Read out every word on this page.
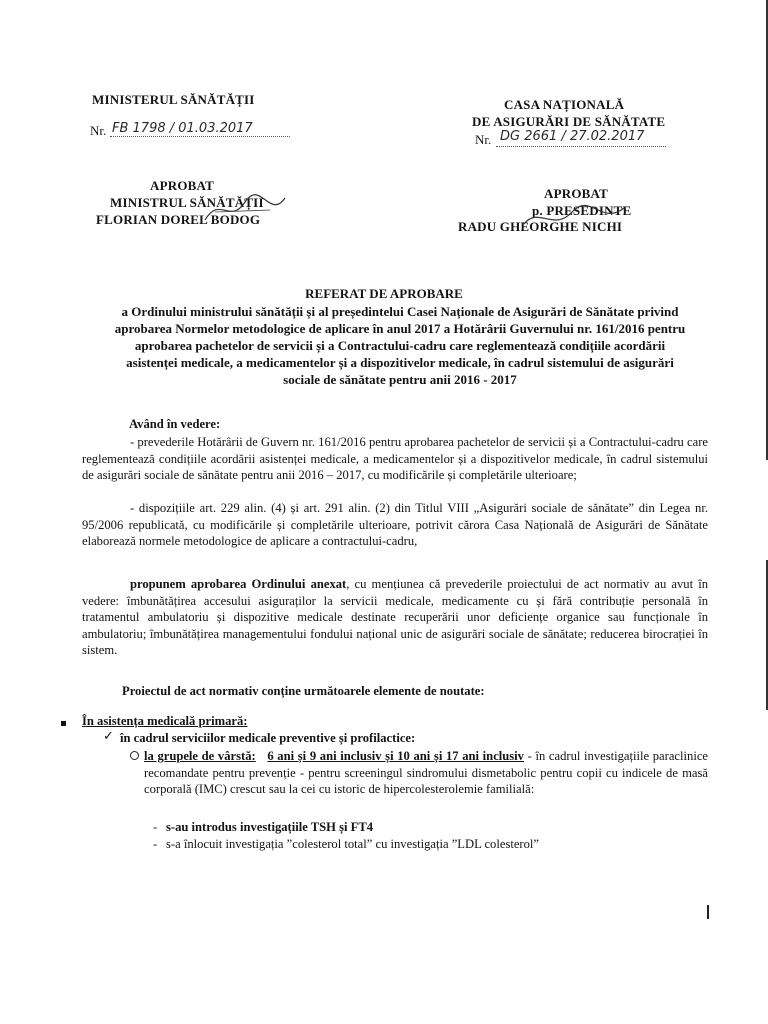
MINISTERUL SĂNĂTĂȚII
Nr. FB 1798 / 01.03.2017
APROBAT
MINISTRUL SĂNĂTĂȚII
FLORIAN DOREL BODOG
CASA NAȚIONALĂ
DE ASIGURĂRI DE SĂNĂTATE
Nr. DG 2661 / 27.02.2017
APROBAT
p. PRESEDINTE
RADU GHEORGHE NICHI
REFERAT DE APROBARE
a Ordinului ministrului sănătății și al președintelui Casei Naționale de Asigurări de Sănătate privind
aprobarea Normelor metodologice de aplicare în anul 2017 a Hotărârii Guvernului nr. 161/2016 pentru
aprobarea pachetelor de servicii și a Contractului-cadru care reglementează condițiile acordării
asistenței medicale, a medicamentelor și a dispozitivelor medicale, în cadrul sistemului de asigurări
sociale de sănătate pentru anii 2016 - 2017
Având în vedere:
- prevederile Hotărârii de Guvern nr. 161/2016 pentru aprobarea pachetelor de servicii și a Contractului-cadru care reglementează condițiile acordării asistenței medicale, a medicamentelor și a dispozitivelor medicale, în cadrul sistemului de asigurări sociale de sănătate pentru anii 2016 – 2017, cu modificările și completările ulterioare;
- dispozițiile art. 229 alin. (4) și art. 291 alin. (2) din Titlul VIII „Asigurări sociale de sănătate” din Legea nr. 95/2006 republicată, cu modificările și completările ulterioare, potrivit cărora Casa Națională de Asigurări de Sănătate elaborează normele metodologice de aplicare a contractului-cadru,
propunem aprobarea Ordinului anexat, cu mențiunea că prevederile proiectului de act normativ au avut în vedere: îmbunătățirea accesului asiguraților la servicii medicale, medicamente cu și fără contribuție personală în tratamentul ambulatoriu și dispozitive medicale destinate recuperării unor deficiențe organice sau funcționale în ambulatoriu; îmbunătățirea managementului fondului național unic de asigurări sociale de sănătate; reducerea birocrației în sistem.
Proiectul de act normativ conține următoarele elemente de noutate:
În asistența medicală primară:
✓ în cadrul serviciilor medicale preventive și profilactice:
la grupele de vârstă: 6 ani și 9 ani inclusiv și 10 ani și 17 ani inclusiv - în cadrul investigațiile paraclinice recomandate pentru prevenție - pentru screeningul sindromului dismetabolic pentru copii cu indicele de masă corporală (IMC) crescut sau la cei cu istoric de hipercolesterolemie familială:
- s-au introdus investigațiile TSH și FT4
- s-a înlocuit investigația ”colesterol total” cu investigația ”LDL colesterol”
